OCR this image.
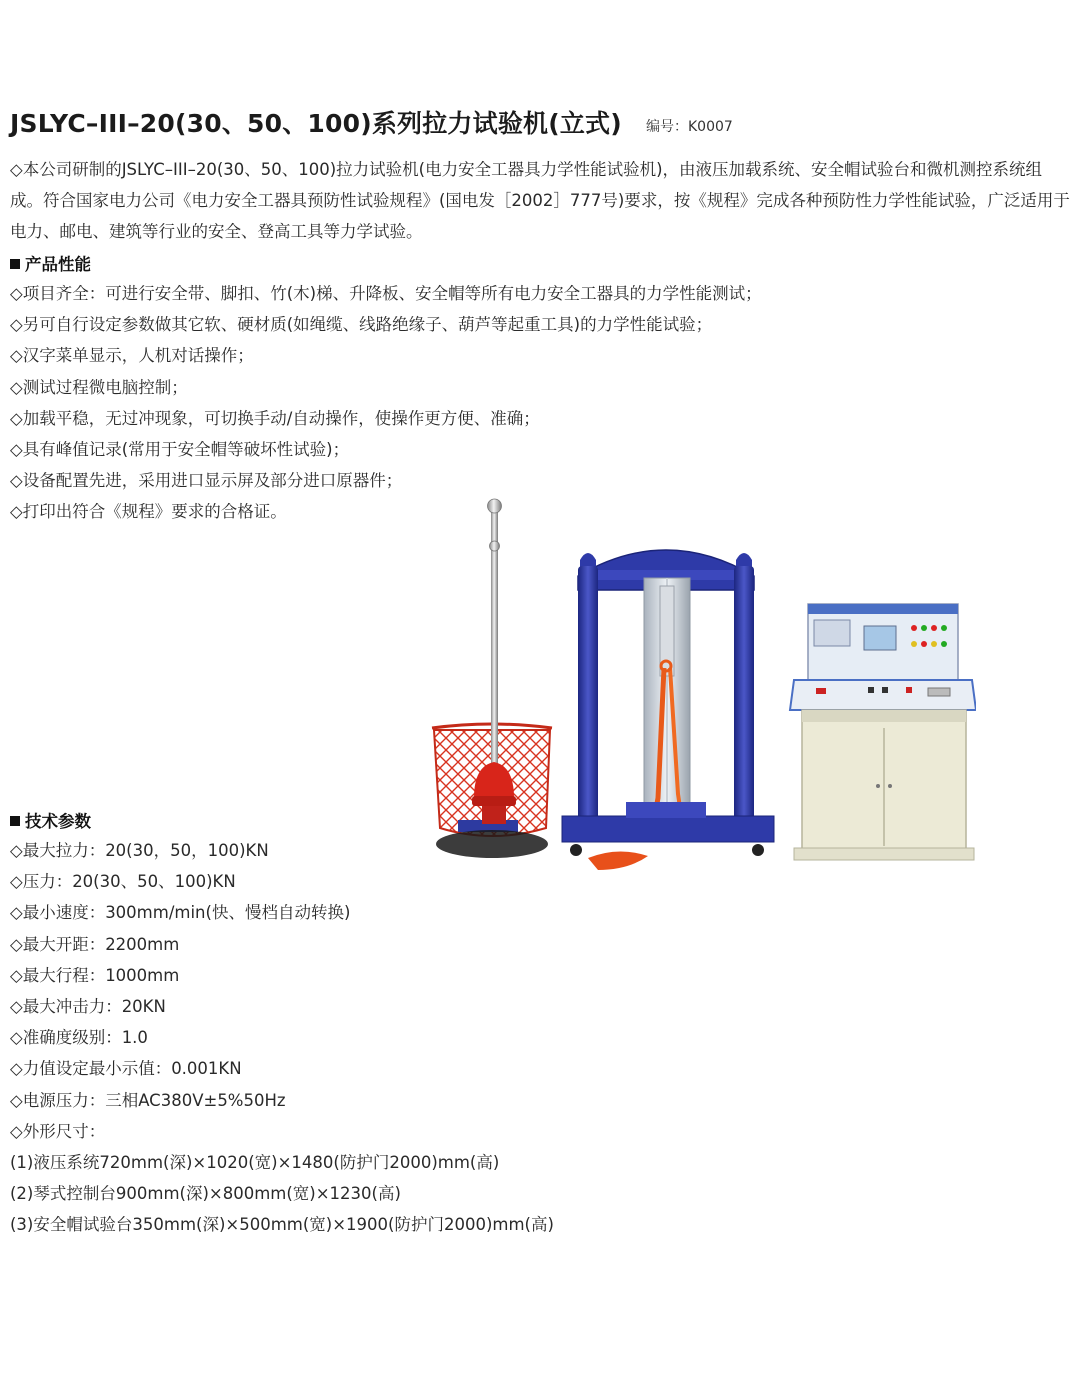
JSLYC–III–20(30、50、100)系列拉力试验机(立式) 编号：K0007

◇本公司研制的JSLYC–III–20(30、50、100)拉力试验机(电力安全工器具力学性能试验机)，由液压加载系统、安全帽试验台和微机测控系统组成。符合国家电力公司《电力安全工器具预防性试验规程》(国电发［2002］777号)要求，按《规程》完成各种预防性力学性能试验，广泛适用于电力、邮电、建筑等行业的安全、登高工具等力学试验。

产品性能
◇项目齐全：可进行安全带、脚扣、竹(木)梯、升降板、安全帽等所有电力安全工器具的力学性能测试；
◇另可自行设定参数做其它软、硬材质(如绳缆、线路绝缘子、葫芦等起重工具)的力学性能试验；
◇汉字菜单显示，人机对话操作；
◇测试过程微电脑控制；
◇加载平稳，无过冲现象，可切换手动/自动操作，使操作更方便、准确；
◇具有峰值记录(常用于安全帽等破坏性试验)；
◇设备配置先进，采用进口显示屏及部分进口原器件；
◇打印出符合《规程》要求的合格证。
技术参数
◇最大拉力：20(30，50，100)KN
◇压力：20(30、50、100)KN
◇最小速度：300mm/min(快、慢档自动转换)
◇最大开距：2200mm
◇最大行程：1000mm
◇最大冲击力：20KN
◇准确度级别：1.0
◇力值设定最小示值：0.001KN
◇电源压力：三相AC380V±5%50Hz
◇外形尺寸：
(1)液压系统720mm(深)×1020(宽)×1480(防护门2000)mm(高)
(2)琴式控制台900mm(深)×800mm(宽)×1230(高)
(3)安全帽试验台350mm(深)×500mm(宽)×1900(防护门2000)mm(高)
